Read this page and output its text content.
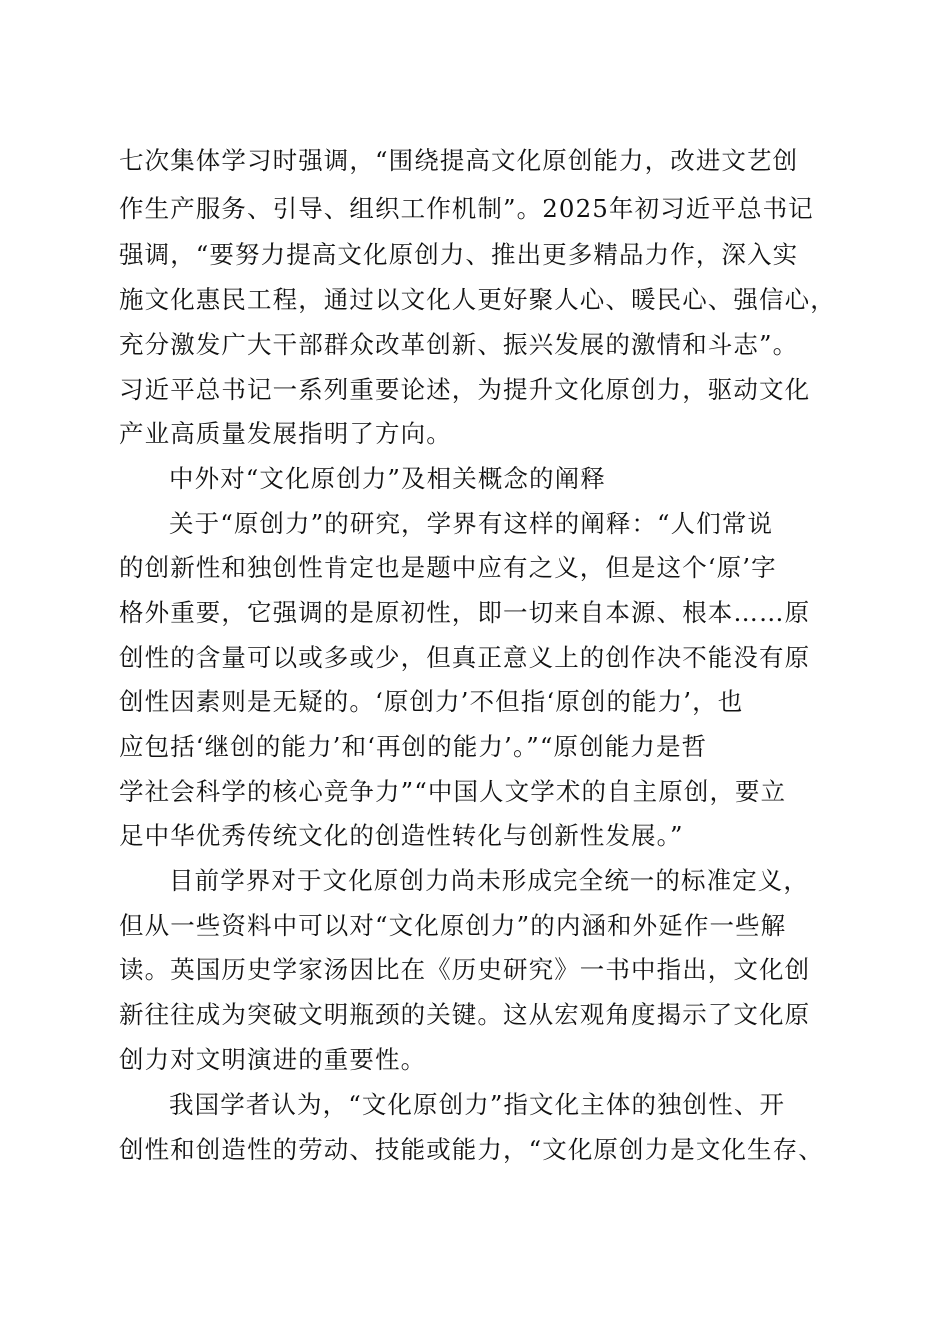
七次集体学习时强调，“围绕提高文化原创能力，改进文艺创
作生产服务、引导、组织工作机制”。2025年初习近平总书记
强调，“要努力提高文化原创力、推出更多精品力作，深入实
施文化惠民工程，通过以文化人更好聚人心、暖民心、强信心，
充分激发广大干部群众改革创新、振兴发展的激情和斗志”。
习近平总书记一系列重要论述，为提升文化原创力，驱动文化
产业高质量发展指明了方向。
中外对“文化原创力”及相关概念的阐释
关于“原创力”的研究，学界有这样的阐释：“人们常说
的创新性和独创性肯定也是题中应有之义，但是这个‘原’字
格外重要，它强调的是原初性，即一切来自本源、根本……原
创性的含量可以或多或少，但真正意义上的创作决不能没有原
创性因素则是无疑的。‘原创力’不但指‘原创的能力’，也
应包括‘继创的能力’和‘再创的能力’。”“原创能力是哲
学社会科学的核心竞争力”“中国人文学术的自主原创，要立
足中华优秀传统文化的创造性转化与创新性发展。”
目前学界对于文化原创力尚未形成完全统一的标准定义，
但从一些资料中可以对“文化原创力”的内涵和外延作一些解
读。英国历史学家汤因比在《历史研究》一书中指出，文化创
新往往成为突破文明瓶颈的关键。这从宏观角度揭示了文化原
创力对文明演进的重要性。
我国学者认为，“文化原创力”指文化主体的独创性、开
创性和创造性的劳动、技能或能力，“文化原创力是文化生存、
